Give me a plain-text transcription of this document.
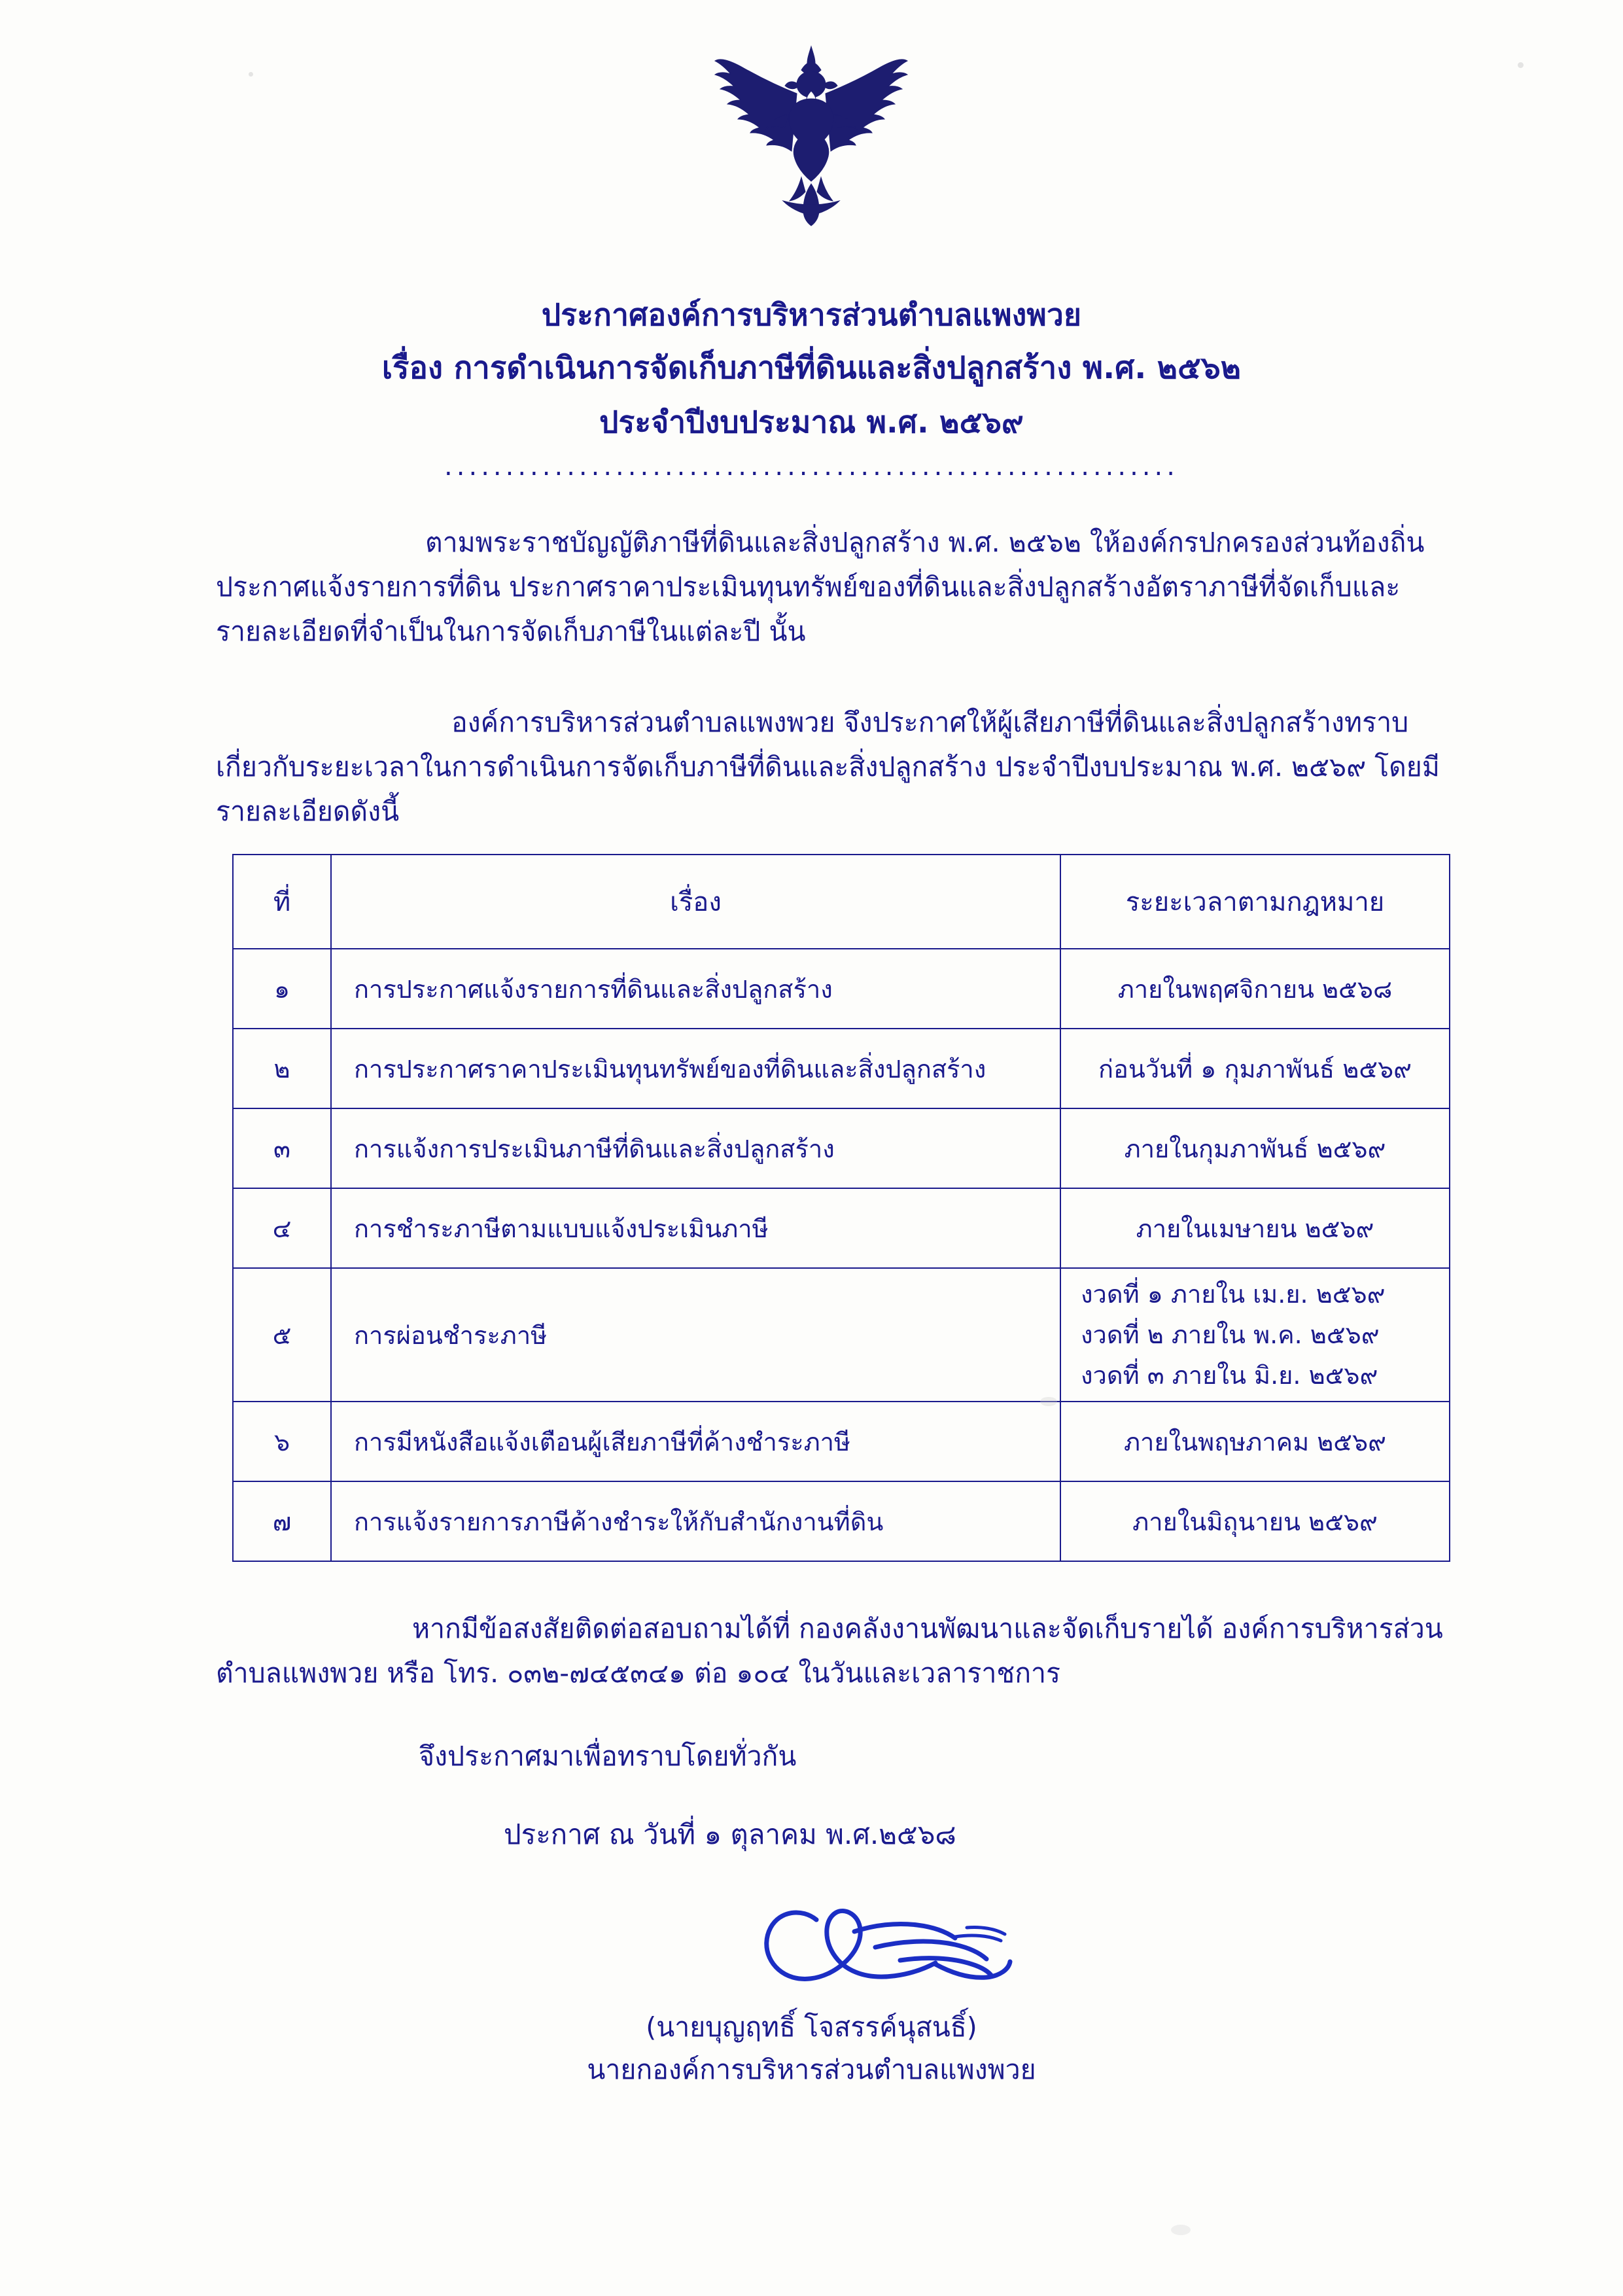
ประกาศองค์การบริหารส่วนตำบลแพงพวย
เรื่อง การดำเนินการจัดเก็บภาษีที่ดินและสิ่งปลูกสร้าง พ.ศ. ๒๕๖๒
ประจำปีงบประมาณ พ.ศ. ๒๕๖๙
............................................................
ตามพระราชบัญญัติภาษีที่ดินและสิ่งปลูกสร้าง พ.ศ. ๒๕๖๒ ให้องค์กรปกครองส่วนท้องถิ่นประกาศแจ้งรายการที่ดิน ประกาศราคาประเมินทุนทรัพย์ของที่ดินและสิ่งปลูกสร้างอัตราภาษีที่จัดเก็บและรายละเอียดที่จำเป็นในการจัดเก็บภาษีในแต่ละปี นั้น
องค์การบริหารส่วนตำบลแพงพวย จึงประกาศให้ผู้เสียภาษีที่ดินและสิ่งปลูกสร้างทราบเกี่ยวกับระยะเวลาในการดำเนินการจัดเก็บภาษีที่ดินและสิ่งปลูกสร้าง ประจำปีงบประมาณ พ.ศ. ๒๕๖๙ โดยมีรายละเอียดดังนี้
ที่	เรื่อง	ระยะเวลาตามกฎหมาย
๑	การประกาศแจ้งรายการที่ดินและสิ่งปลูกสร้าง	ภายในพฤศจิกายน ๒๕๖๘
๒	การประกาศราคาประเมินทุนทรัพย์ของที่ดินและสิ่งปลูกสร้าง	ก่อนวันที่ ๑ กุมภาพันธ์ ๒๕๖๙
๓	การแจ้งการประเมินภาษีที่ดินและสิ่งปลูกสร้าง	ภายในกุมภาพันธ์ ๒๕๖๙
๔	การชำระภาษีตามแบบแจ้งประเมินภาษี	ภายในเมษายน ๒๕๖๙
๕	การผ่อนชำระภาษี	งวดที่ ๑ ภายใน เม.ย. ๒๕๖๙
งวดที่ ๒ ภายใน พ.ค. ๒๕๖๙
งวดที่ ๓ ภายใน มิ.ย. ๒๕๖๙

๖	การมีหนังสือแจ้งเตือนผู้เสียภาษีที่ค้างชำระภาษี	ภายในพฤษภาคม ๒๕๖๙
๗	การแจ้งรายการภาษีค้างชำระให้กับสำนักงานที่ดิน	ภายในมิถุนายน ๒๕๖๙
หากมีข้อสงสัยติดต่อสอบถามได้ที่ กองคลังงานพัฒนาและจัดเก็บรายได้ องค์การบริหารส่วนตำบลแพงพวย หรือ โทร. ๐๓๒-๗๔๕๓๔๑ ต่อ ๑๐๔ ในวันและเวลาราชการ
จึงประกาศมาเพื่อทราบโดยทั่วกัน
ประกาศ ณ วันที่ ๑ ตุลาคม พ.ศ.๒๕๖๘
(นายบุญฤทธิ์ โจสรรค์นุสนธิ์)
นายกองค์การบริหารส่วนตำบลแพงพวย
